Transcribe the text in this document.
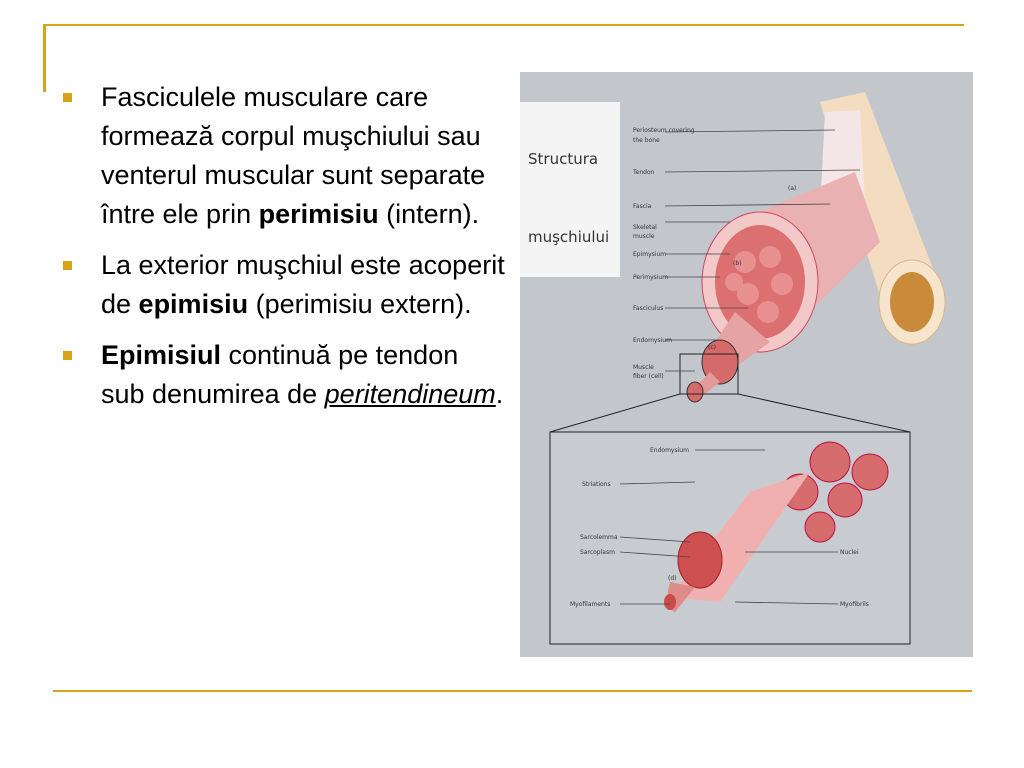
Fasciculele musculare care formează corpul muşchiului sau venterul muscular sunt separate între ele prin perimisiu (intern).
La exterior muşchiul este acoperit de epimisiu (perimisiu extern).
Epimisiul continuă pe tendon sub denumirea de peritendineum.
Periosteum covering
the bone
Tendon
Fascia
Skeletal
muscle
Epimysium
Perimysium
Fasciculus
Endomysium
Muscle
fiber (cell)
(a)
(b)
(c)
(d)
Endomysium
Striations
Sarcolemma
Sarcoplasm
Myofilaments
Nuclei
Myofibrils
Structura
muşchiului
